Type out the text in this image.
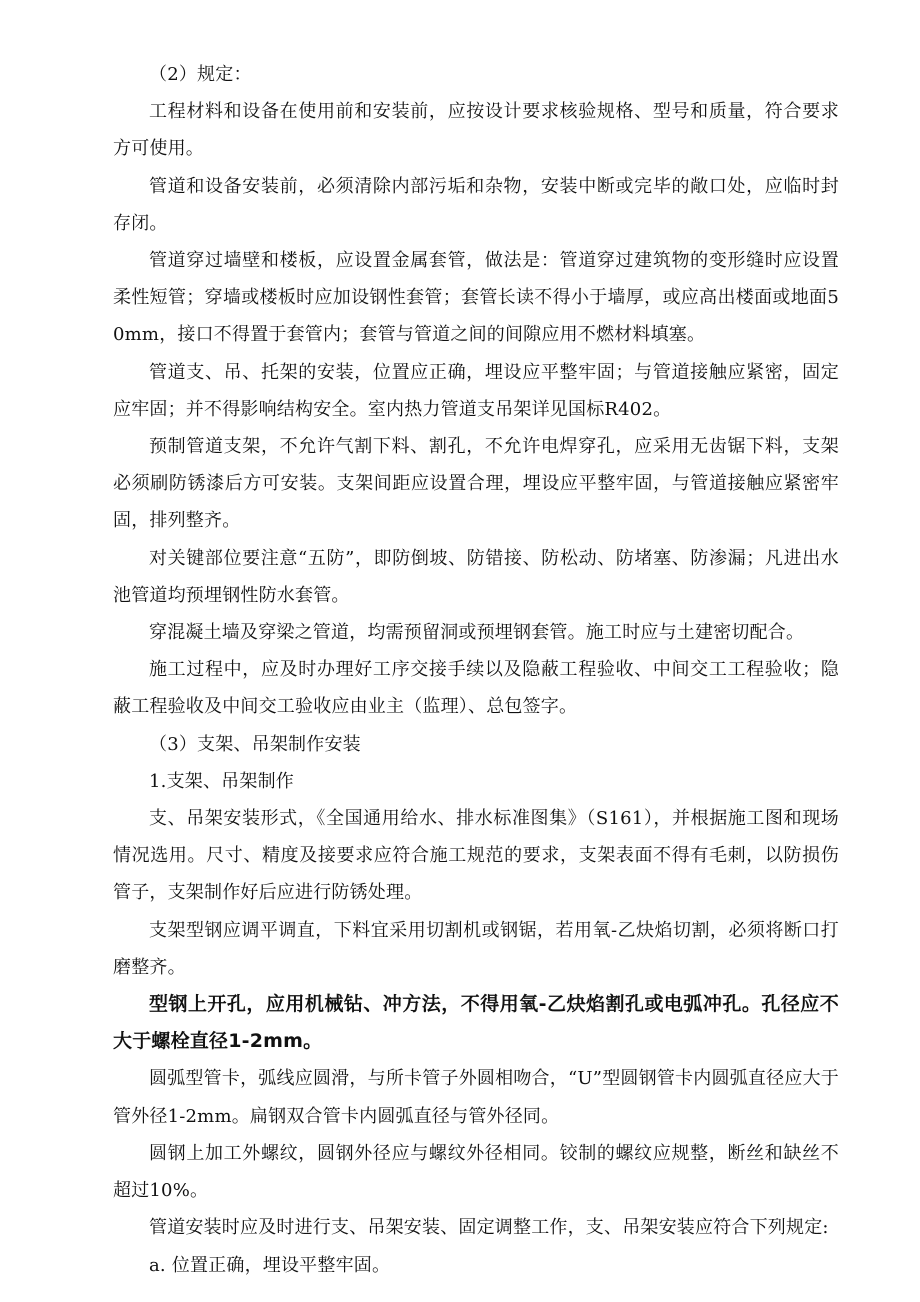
（2）规定：

工程材料和设备在使用前和安装前，应按设计要求核验规格、型号和质量，符合要求方可使用。

管道和设备安装前，必须清除内部污垢和杂物，安装中断或完毕的敞口处，应临时封存闭。

管道穿过墙壁和楼板，应设置金属套管，做法是：管道穿过建筑物的变形缝时应设置柔性短管；穿墙或楼板时应加设钢性套管；套管长读不得小于墙厚，或应高出楼面或地面50mm，接口不得置于套管内；套管与管道之间的间隙应用不燃材料填塞。

管道支、吊、托架的安装，位置应正确，埋设应平整牢固；与管道接触应紧密，固定应牢固；并不得影响结构安全。室内热力管道支吊架详见国标R402。

预制管道支架，不允许气割下料、割孔，不允许电焊穿孔，应采用无齿锯下料，支架必须刷防锈漆后方可安装。支架间距应设置合理，埋设应平整牢固，与管道接触应紧密牢固，排列整齐。

对关键部位要注意“五防”，即防倒坡、防错接、防松动、防堵塞、防渗漏；凡进出水池管道均预埋钢性防水套管。

穿混凝土墙及穿梁之管道，均需预留洞或预埋钢套管。施工时应与土建密切配合。

施工过程中，应及时办理好工序交接手续以及隐蔽工程验收、中间交工工程验收；隐蔽工程验收及中间交工验收应由业主（监理）、总包签字。

（3）支架、吊架制作安装

1.支架、吊架制作

支、吊架安装形式，《全国通用给水、排水标准图集》（S161），并根据施工图和现场情况选用。尺寸、精度及接要求应符合施工规范的要求，支架表面不得有毛刺，以防损伤管子，支架制作好后应进行防锈处理。

支架型钢应调平调直，下料宜采用切割机或钢锯，若用氧-乙炔焰切割，必须将断口打磨整齐。

型钢上开孔，应用机械钻、冲方法，不得用氧-乙炔焰割孔或电弧冲孔。孔径应不大于螺栓直径1-2mm。

圆弧型管卡，弧线应圆滑，与所卡管子外圆相吻合，“U”型圆钢管卡内圆弧直径应大于管外径1-2mm。扁钢双合管卡内圆弧直径与管外径同。

圆钢上加工外螺纹，圆钢外径应与螺纹外径相同。铰制的螺纹应规整，断丝和缺丝不超过10%。

管道安装时应及时进行支、吊架安装、固定调整工作，支、吊架安装应符合下列规定:

a. 位置正确，埋设平整牢固。
